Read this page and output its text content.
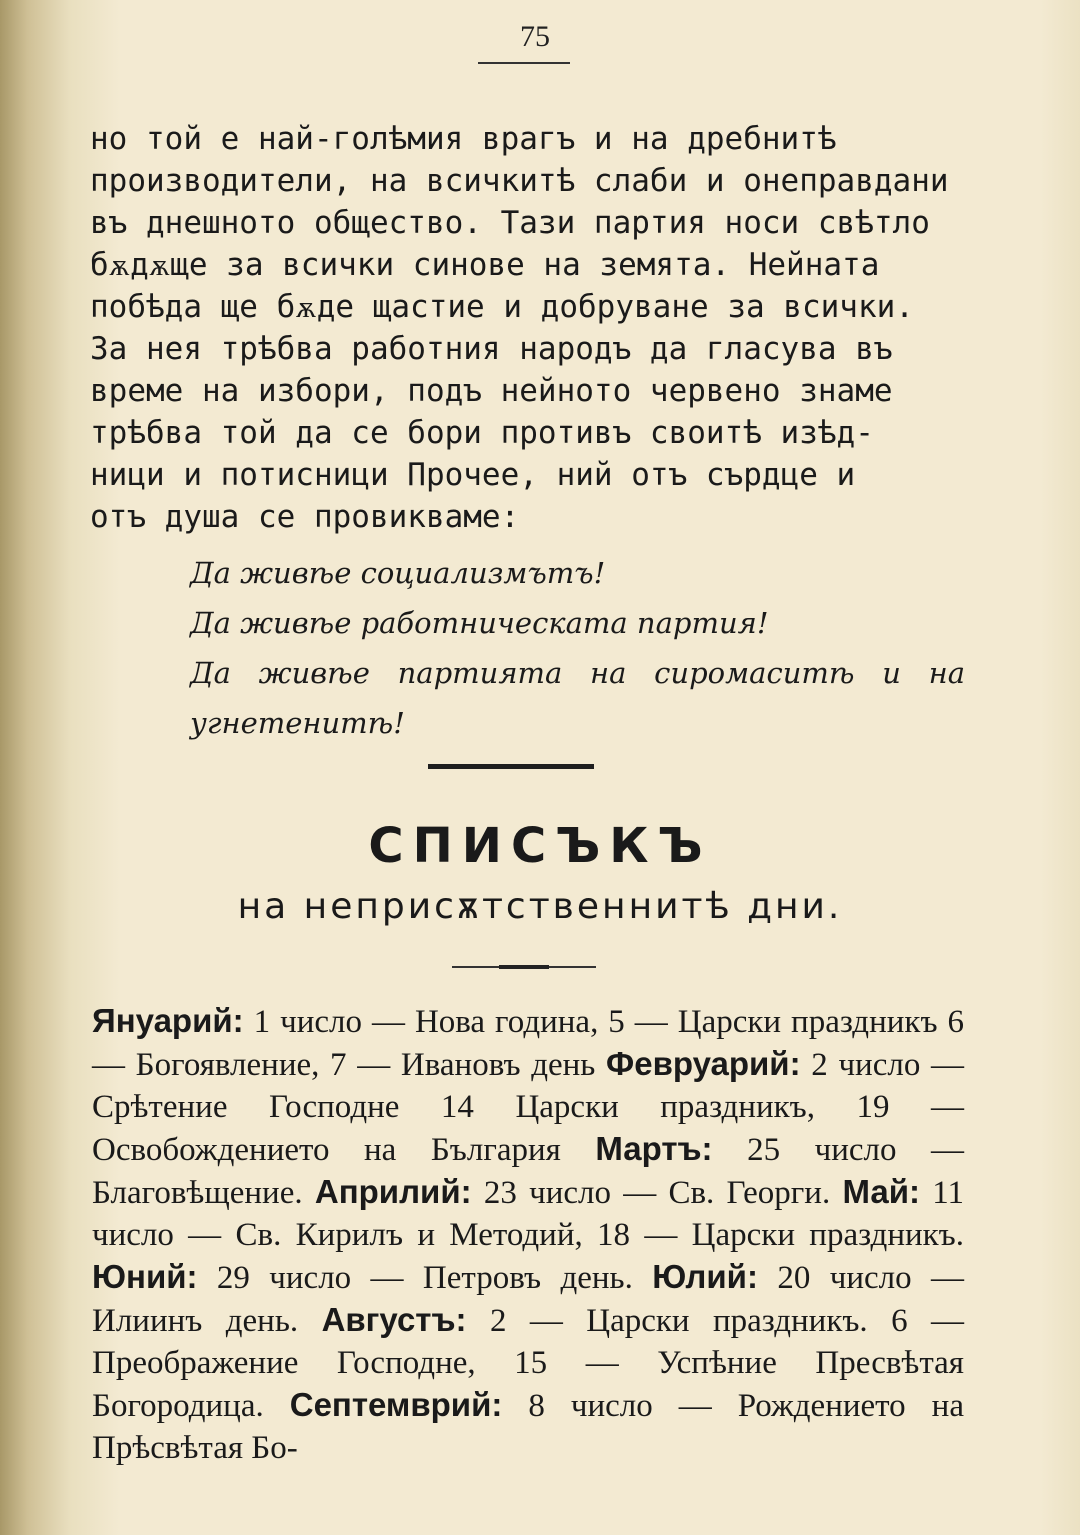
75
но той е най-голѣмия врагъ и на дребнитѣ
производители, на всичкитѣ слаби и онеправдани
въ днешното общество. Тази партия носи свѣтло
бѫдѫще за всички синове на земята. Нейната
побѣда ще бѫде щастие и добруване за всички.
За нея трѣбва работния народъ да гласува въ
време на избори, подъ нейното червено знаме
трѣбва той да се бори противъ своитѣ изѣд-
ници и потисници Прочее, ний отъ сърдце и
отъ душа се провикваме:
Да живѣе социализмътъ!
Да живѣе работническата партия!
Да живѣе партията на сиромаситѣ и на угнетенитѣ!
СПИСЪКЪ
на неприсѫтственнитѣ дни.
Януарий: 1 число — Нова година, 5 — Царски праздникъ 6 — Богоявление, 7 — Ивановъ день Февруарий: 2 число — Срѣтение Господне 14 Царски праздникъ, 19 — Освобождението на България Мартъ: 25 число — Благовѣщение. Априлий: 23 число — Св. Георги. Май: 11 число — Св. Кирилъ и Методий, 18 — Царски праздникъ. Юний: 29 число — Петровъ день. Юлий: 20 число — Илиинъ день. Августъ: 2 — Царски праздникъ. 6 — Преображение Господне, 15 — Успѣние Пресвѣтая Богородица. Септемврий: 8 число — Рождението на Прѣсвѣтая Бо-
